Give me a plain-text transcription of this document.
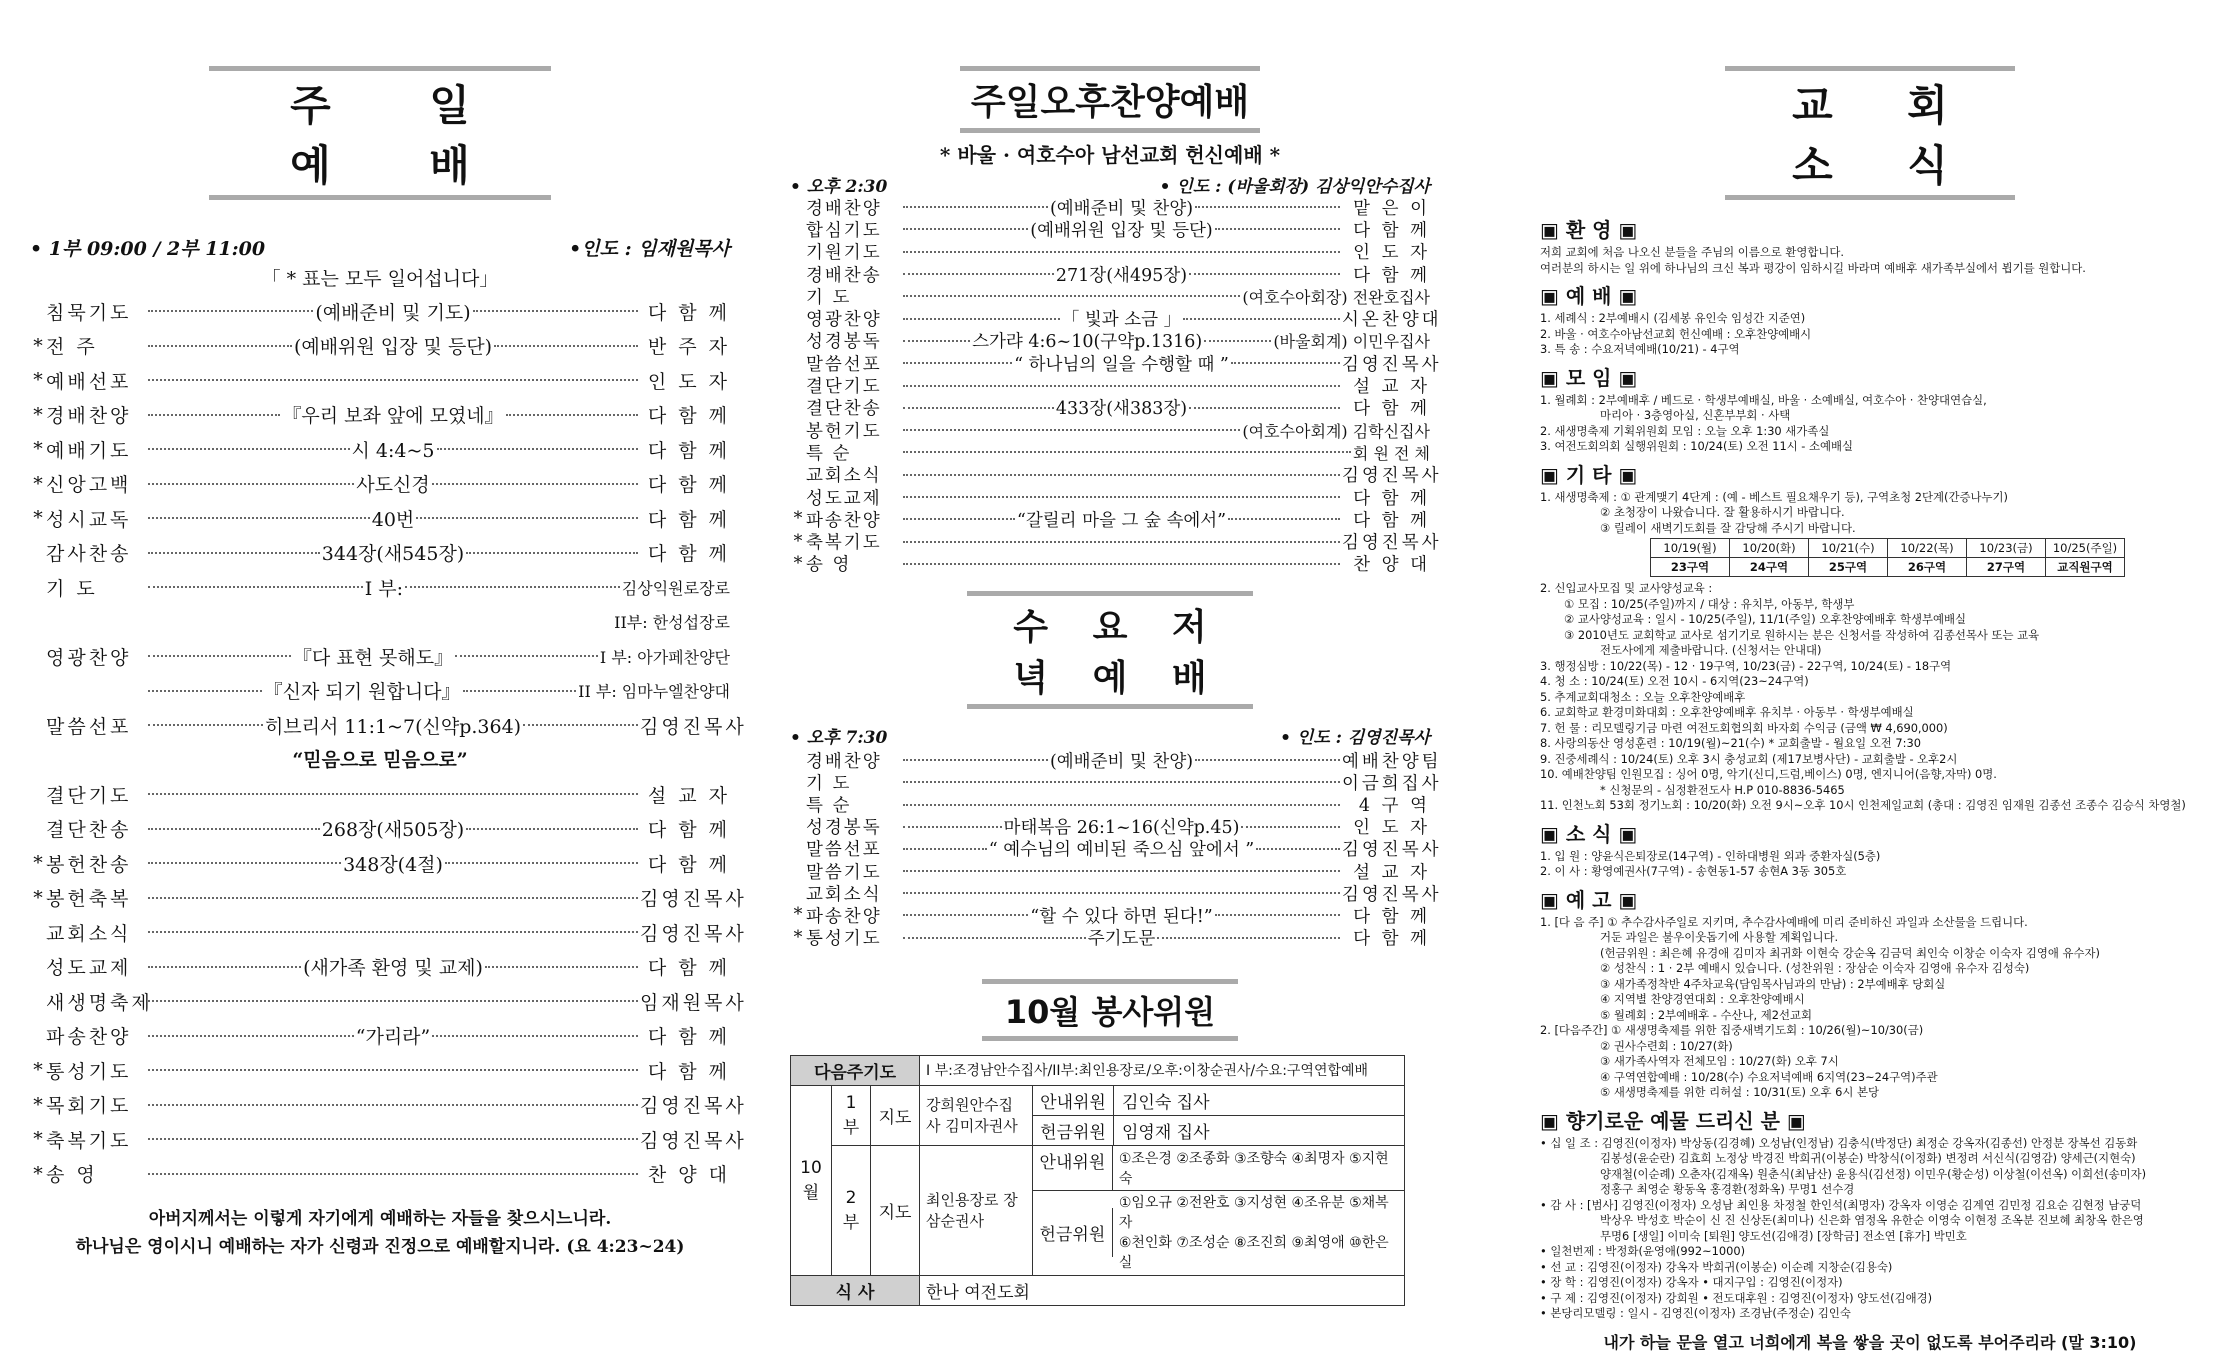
주 일 예 배
• 1부 09:00 / 2부 11:00	•인도 : 임재원목사
「 * 표는 모두 일어섭니다」
침묵기도	(예배준비 및 기도)	다 함 께
* 전 주	(예배위원 입장 및 등단)	반 주 자
* 예배선포	인 도 자
* 경배찬양	『우리 보좌 앞에 모였네』	다 함 께
* 예배기도	시 4:4~5	다 함 께
* 신앙고백	사도신경	다 함 께
* 성시교독	40번	다 함 께
감사찬송	344장(새545장)	다 함 께
기 도	I 부:	김상익원로장로
II부: 한성섭장로
영광찬양	『다 표현 못해도』	I 부: 아가페찬양단
『신자 되기 원합니다』	II 부: 임마누엘찬양대
말씀선포	히브리서 11:1~7(신약p.364)	김영진목사
“믿음으로 믿음으로”
결단기도	설 교 자
결단찬송	268장(새505장)	다 함 께
* 봉헌찬송	348장(4절)	다 함 께
* 봉헌축복	김영진목사
교회소식	김영진목사
성도교제	(새가족 환영 및 교제)	다 함 께
새생명축제	임재원목사
파송찬양	“가리라”	다 함 께
* 통성기도	다 함 께
* 목회기도	김영진목사
* 축복기도	김영진목사
* 송 영	찬 양 대
아버지께서는 이렇게 자기에게 예배하는 자들을 찾으시느니라.
하나님은 영이시니 예배하는 자가 신령과 진정으로 예배할지니라. (요 4:23~24)
주일오후찬양예배
* 바울 · 여호수아 남선교회 헌신예배 *
• 오후 2:30	• 인도 : (바울회장) 김상익안수집사
경배찬양	(예배준비 및 찬양)	맡 은 이
합심기도	(예배위원 입장 및 등단)	다 함 께
기원기도	인 도 자
경배찬송	271장(새495장)	다 함 께
기 도	(여호수아회장) 전완호집사
영광찬양	「 빛과 소금 」	시온찬양대
성경봉독	스가랴 4:6~10(구약p.1316)	(바울회계) 이민우집사
말씀선포	“ 하나님의 일을 수행할 때 ”	김영진목사
결단기도	설 교 자
결단찬송	433장(새383장)	다 함 께
봉헌기도	(여호수아회계) 김학신집사
특 순	회 원 전 체
교회소식	김영진목사
성도교제	다 함 께
* 파송찬양	“갈릴리 마을 그 숲 속에서”	다 함 께
* 축복기도	김영진목사
* 송 영	찬 양 대
수 요 저 녁 예 배
• 오후 7:30	• 인도 : 김영진목사
경배찬양	(예배준비 및 찬양)	예배찬양팀
기 도	이금희집사
특 순	4 구 역
성경봉독	마태복음 26:1~16(신약p.45)	인 도 자
말씀선포	“ 예수님의 예비된 죽으심 앞에서 ”	김영진목사
말씀기도	설 교 자
교회소식	김영진목사
* 파송찬양	“할 수 있다 하면 된다!”	다 함 께
* 통성기도	주기도문	다 함 께
10월 봉사위원
다음주기도			I 부:조경남안수집사/II부:최인용장로/오후:이창순권사/수요:구역연합예배	
10월	1부	지도	강희원안수집사 김미자권사	안내위원 김인숙 집사

				헌금위원 임영재 집사

	2부	지도	최인용장로 장삼순권사	안내위원 ①조은경 ②조종화 ③조향숙 ④최명자 ⑤지현숙

				헌금위원
①임오규 ②전완호 ③지성현 ④조유분 ⑤채복자
⑥천인화 ⑦조성순 ⑧조진희 ⑨최영애 ⑩한은실

식 사			한나 여전도회	
교 회 소 식
▣ 환 영 ▣
저희 교회에 처음 나오신 분들을 주님의 이름으로 환영합니다.
여러분의 하시는 일 위에 하나님의 크신 복과 평강이 임하시길 바라며 예배후 새가족부실에서 뵙기를 원합니다.
▣ 예 배 ▣
1. 세례식 : 2부예배시 (김세봉 유인숙 임성간 지준연)
2. 바울 · 여호수아남선교회 헌신예배 : 오후찬양예배시
3. 특 송 : 수요저녁예배(10/21) - 4구역
▣ 모 임 ▣
1. 월례회 : 2부예배후 / 베드로 · 학생부예배실, 바울 · 소예배실, 여호수아 · 찬양대연습실,
마리아 · 3층영아실, 신혼부부회 · 사택
2. 새생명축제 기획위원회 모임 : 오늘 오후 1:30 새가족실
3. 여전도회의회 실행위원회 : 10/24(토) 오전 11시 - 소예배실
▣ 기 타 ▣
1. 새생명축제 : ① 관계맺기 4단계 : (예 - 베스트 필요채우기 등), 구역초청 2단계(간증나누기)
② 초청장이 나왔습니다. 잘 활용하시기 바랍니다.
③ 릴레이 새벽기도회를 잘 감당해 주시기 바랍니다.
10/19(월)	10/20(화)	10/21(수)	10/22(목)	10/23(금)	10/25(주일)
23구역	24구역	25구역	26구역	27구역	교직원구역
2. 신입교사모집 및 교사양성교육 :
① 모집 : 10/25(주일)까지 / 대상 : 유치부, 아동부, 학생부
② 교사양성교육 : 일시 - 10/25(주일), 11/1(주일) 오후찬양예배후 학생부예배실
③ 2010년도 교회학교 교사로 섬기기로 원하시는 분은 신청서를 작성하여 김종선목사 또는 교육
전도사에게 제출바랍니다. (신청서는 안내대)
3. 행정심방 : 10/22(목) - 12 · 19구역, 10/23(금) - 22구역, 10/24(토) - 18구역
4. 청 소 : 10/24(토) 오전 10시 - 6지역(23~24구역)
5. 추계교회대청소 : 오늘 오후찬양예배후
6. 교회학교 환경미화대회 : 오후찬양예배후 유치부 · 아동부 · 학생부예배실
7. 헌 물 : 리모델링기금 마련 여전도회협의회 바자회 수익금 (금액 ₩ 4,690,000)
8. 사랑의동산 영성훈련 : 10/19(월)~21(수) * 교회출발 - 월요일 오전 7:30
9. 진중세례식 : 10/24(토) 오후 3시 충성교회 (제17보병사단) - 교회출발 - 오후2시
10. 예배찬양팀 인원모집 : 싱어 0명, 악기(신디,드럼,베이스) 0명, 엔지니어(음향,자막) 0명.
* 신청문의 - 심정환전도사 H.P 010-8836-5465
11. 인천노회 53회 정기노회 : 10/20(화) 오전 9시~오후 10시 인천제일교회 (총대 : 김영진 임재원 김종선 조종수 김승식 차영철)
▣ 소 식 ▣
1. 입 원 : 양윤식은퇴장로(14구역) - 인하대병원 외과 중환자실(5층)
2. 이 사 : 황영예권사(7구역) - 송현동1-57 송현A 3동 305호
▣ 예 고 ▣
1. [다 음 주] ① 추수감사주일로 지키며, 추수감사예배에 미리 준비하신 과일과 소산물을 드립니다.
거둔 과일은 불우이웃돕기에 사용할 계획입니다.
(헌금위원 : 최은혜 유경애 김미자 최귀화 이현숙 강순옥 김금덕 최인숙 이창순 이숙자 김영애 유수자)
② 성찬식 : 1 · 2부 예배시 있습니다. (성찬위원 : 장삼순 이숙자 김영애 유수자 김성숙)
③ 새가족정착반 4주차교육(담임목사님과의 만남) : 2부예배후 당회실
④ 지역별 찬양경연대회 : 오후찬양예배시
⑤ 월례회 : 2부예배후 - 수산나, 제2선교회
2. [다음주간] ① 새생명축제를 위한 집중새벽기도회 : 10/26(월)~10/30(금)
② 권사수련회 : 10/27(화)
③ 새가족사역자 전체모임 : 10/27(화) 오후 7시
④ 구역연합예배 : 10/28(수) 수요저녁예배 6지역(23~24구역)주관
⑤ 새생명축제를 위한 리허설 : 10/31(토) 오후 6시 본당
▣ 향기로운 예물 드리신 분 ▣
• 십 일 조 : 김영진(이정자) 박상동(김경혜) 오성남(인정남) 김충식(박정단) 최정순 강옥자(김종선) 안정분 장복선 김동화
김봉성(윤순란) 김효희 노정상 박경진 박희귀(이봉순) 박창식(이정화) 변정려 서신식(김영감) 양세근(지현숙)
양재철(이순례) 오춘자(김재옥) 원춘식(최남산) 윤용식(김선정) 이민우(황순성) 이상철(이선옥) 이희선(송미자)
정홍구 최영순 황동옥 홍경환(정화옥) 무명1 선수경
• 감 사 : [범사] 김영진(이정자) 오성남 최인용 차정철 한인석(최명자) 강옥자 이영순 김계연 김민정 김요순 김현정 남궁덕
박상우 박성호 박순이 신 진 신상돈(최미나) 신은화 염정옥 유한순 이영숙 이현정 조옥분 진보혜 최창옥 한은영
무명6 [생일] 이미숙 [퇴원] 양도선(김애경) [장학금] 전소연 [휴가] 박민호
• 일천번제 : 박정화(윤영애(992~1000)
• 선 교 : 김영진(이정자) 강옥자 박희귀(이봉순) 이순례 지창순(김용숙)
• 장 학 : 김영진(이정자) 강옥자 • 대지구입 : 김영진(이정자)
• 구 제 : 김영진(이정자) 강희원 • 전도대후원 : 김영진(이정자) 양도선(김애경)
• 본당리모델링 : 일시 - 김영진(이정자) 조경남(주정순) 김인숙
내가 하늘 문을 열고 너희에게 복을 쌓을 곳이 없도록 부어주리라 (말 3:10)
